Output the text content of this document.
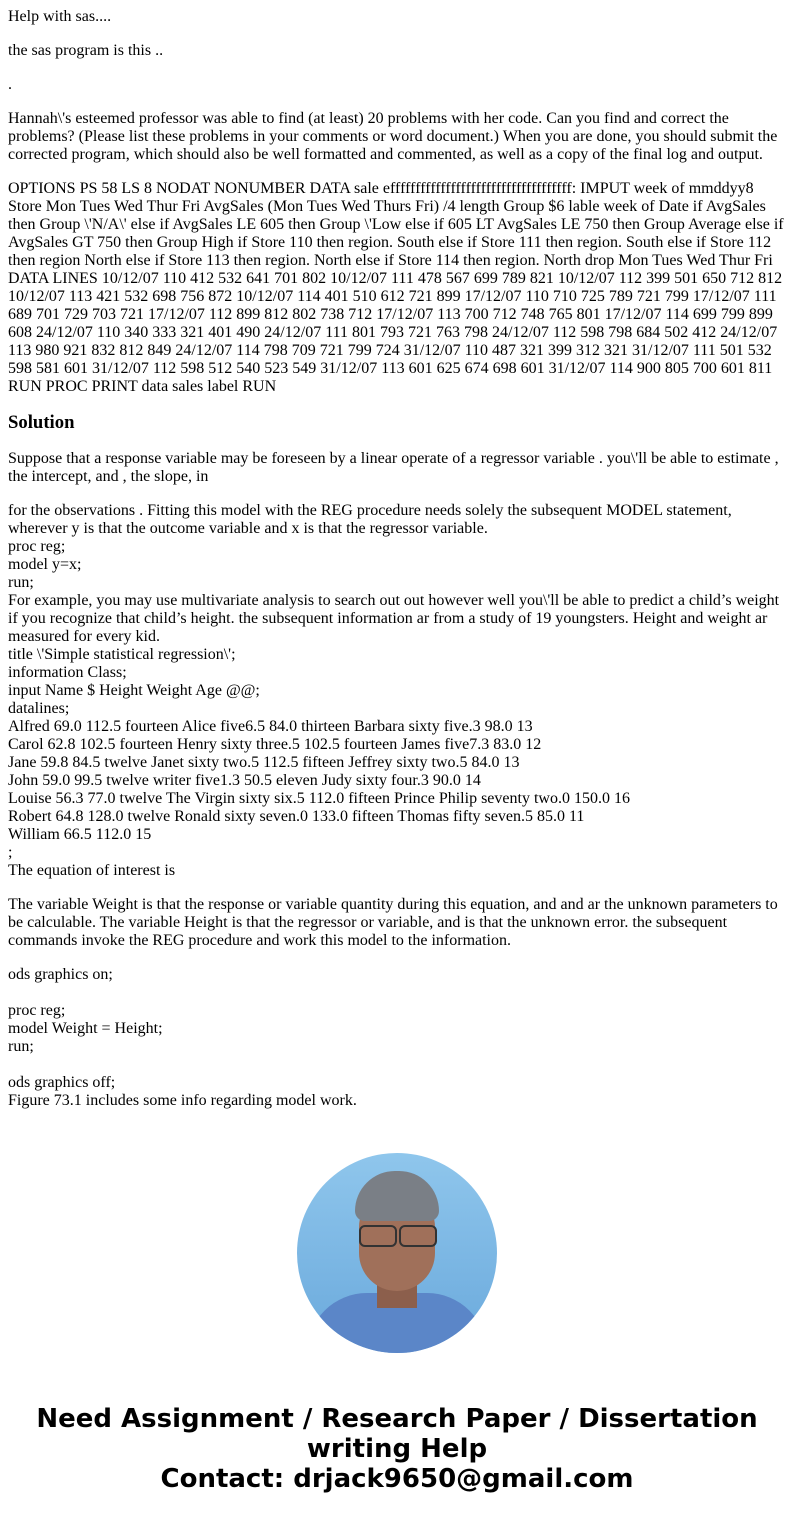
Help with sas....

the sas program is this ..

.

Hannah\'s esteemed professor was able to find (at least) 20 problems with her code. Can you find and correct the problems? (Please list these problems in your comments or word document.) When you are done, you should submit the corrected program, which should also be well formatted and commented, as well as a copy of the final log and output.

OPTIONS PS 58 LS 8 NODAT NONUMBER DATA sale effffffffffffffffffffffffffffffffffff: IMPUT week of mmddyy8 Store Mon Tues Wed Thur Fri AvgSales (Mon Tues Wed Thurs Fri) /4 length Group $6 lable week of Date if AvgSales then Group \'N/A\' else if AvgSales LE 605 then Group \'Low else if 605 LT AvgSales LE 750 then Group Average else if AvgSales GT 750 then Group High if Store 110 then region. South else if Store 111 then region. South else if Store 112 then region North else if Store 113 then region. North else if Store 114 then region. North drop Mon Tues Wed Thur Fri DATA LINES 10/12/07 110 412 532 641 701 802 10/12/07 111 478 567 699 789 821 10/12/07 112 399 501 650 712 812 10/12/07 113 421 532 698 756 872 10/12/07 114 401 510 612 721 899 17/12/07 110 710 725 789 721 799 17/12/07 111 689 701 729 703 721 17/12/07 112 899 812 802 738 712 17/12/07 113 700 712 748 765 801 17/12/07 114 699 799 899 608 24/12/07 110 340 333 321 401 490 24/12/07 111 801 793 721 763 798 24/12/07 112 598 798 684 502 412 24/12/07 113 980 921 832 812 849 24/12/07 114 798 709 721 799 724 31/12/07 110 487 321 399 312 321 31/12/07 111 501 532 598 581 601 31/12/07 112 598 512 540 523 549 31/12/07 113 601 625 674 698 601 31/12/07 114 900 805 700 601 811 RUN PROC PRINT data sales label RUN

Solution

Suppose that a response variable may be foreseen by a linear operate of a regressor variable . you\'ll be able to estimate , the intercept, and , the slope, in

for the observations . Fitting this model with the REG procedure needs solely the subsequent MODEL statement, wherever y is that the outcome variable and x is that the regressor variable.
proc reg;
model y=x;
run;
For example, you may use multivariate analysis to search out out however well you\'ll be able to predict a child’s weight if you recognize that child’s height. the subsequent information ar from a study of 19 youngsters. Height and weight ar measured for every kid.
title \'Simple statistical regression\';
information Class;
input Name $ Height Weight Age @@;
datalines;
Alfred 69.0 112.5 fourteen Alice five6.5 84.0 thirteen Barbara sixty five.3 98.0 13
Carol 62.8 102.5 fourteen Henry sixty three.5 102.5 fourteen James five7.3 83.0 12
Jane 59.8 84.5 twelve Janet sixty two.5 112.5 fifteen Jeffrey sixty two.5 84.0 13
John 59.0 99.5 twelve writer five1.3 50.5 eleven Judy sixty four.3 90.0 14
Louise 56.3 77.0 twelve The Virgin sixty six.5 112.0 fifteen Prince Philip seventy two.0 150.0 16
Robert 64.8 128.0 twelve Ronald sixty seven.0 133.0 fifteen Thomas fifty seven.5 85.0 11
William 66.5 112.0 15
;
The equation of interest is

The variable Weight is that the response or variable quantity during this equation, and and ar the unknown parameters to be calculable. The variable Height is that the regressor or variable, and is that the unknown error. the subsequent commands invoke the REG procedure and work this model to the information.

ods graphics on;

proc reg;
model Weight = Height;
run;

ods graphics off;
Figure 73.1 includes some info regarding model work.

Need Assignment / Research Paper / Dissertation writing Help
Contact: drjack9650@gmail.com
